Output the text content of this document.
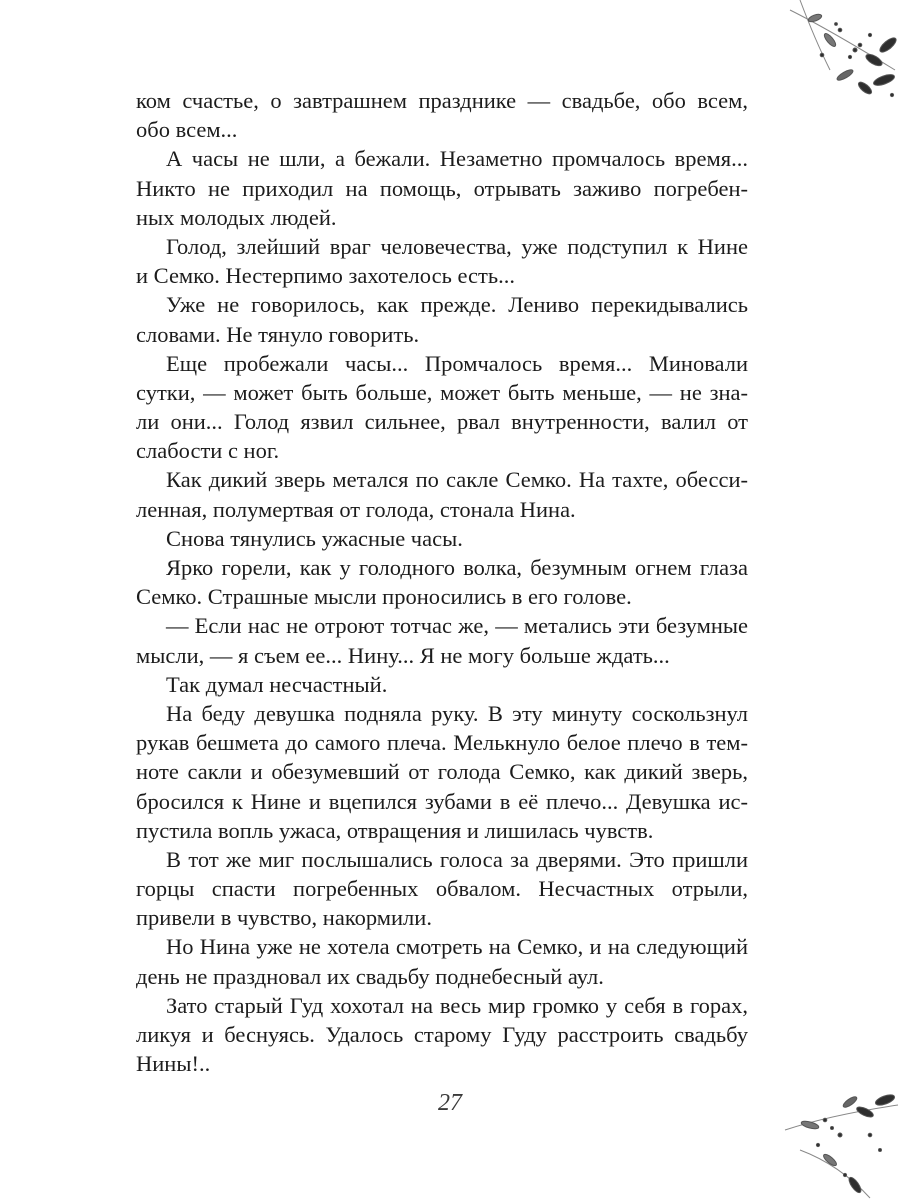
ком счастье, о завтрашнем празднике — свадьбе, обо всем,
обо всем...
А часы не шли, а бежали. Незаметно промчалось время...
Никто не приходил на помощь, отрывать заживо погребен-
ных молодых людей.
Голод, злейший враг человечества, уже подступил к Нине
и Семко. Нестерпимо захотелось есть...
Уже не говорилось, как прежде. Лениво перекидывались
словами. Не тянуло говорить.
Еще пробежали часы... Промчалось время... Миновали
сутки, — может быть больше, может быть меньше, — не зна-
ли они... Голод язвил сильнее, рвал внутренности, валил от
слабости с ног.
Как дикий зверь метался по сакле Семко. На тахте, обесси-
ленная, полумертвая от голода, стонала Нина.
Снова тянулись ужасные часы.
Ярко горели, как у голодного волка, безумным огнем глаза
Семко. Страшные мысли проносились в его голове.
— Если нас не отроют тотчас же, — метались эти безумные
мысли, — я съем ее... Нину... Я не могу больше ждать...
Так думал несчастный.
На беду девушка подняла руку. В эту минуту соскользнул
рукав бешмета до самого плеча. Мелькнуло белое плечо в тем-
ноте сакли и обезумевший от голода Семко, как дикий зверь,
бросился к Нине и вцепился зубами в её плечо... Девушка ис-
пустила вопль ужаса, отвращения и лишилась чувств.
В тот же миг послышались голоса за дверями. Это пришли
горцы спасти погребенных обвалом. Несчастных отрыли,
привели в чувство, накормили.
Но Нина уже не хотела смотреть на Семко, и на следующий
день не праздновал их свадьбу поднебесный аул.
Зато старый Гуд хохотал на весь мир громко у себя в горах,
ликуя и беснуясь. Удалось старому Гуду расстроить свадьбу
Нины!..
27
